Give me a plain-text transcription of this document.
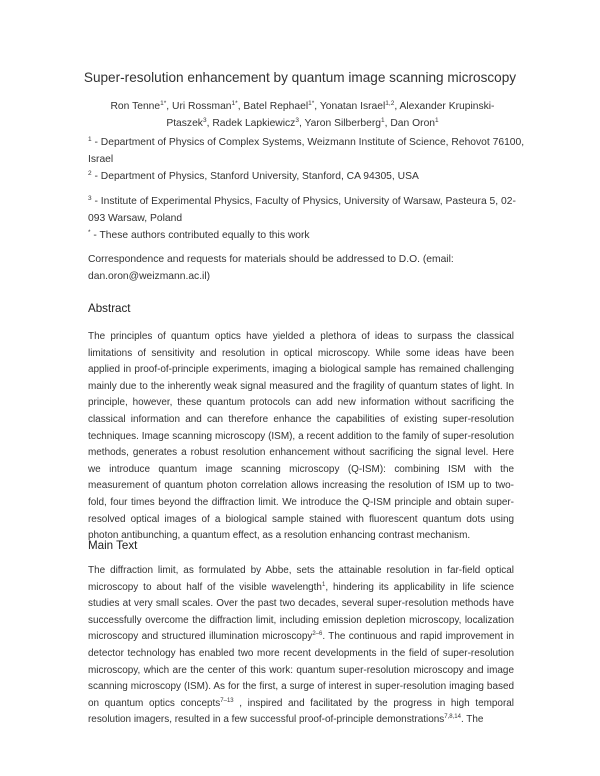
Super-resolution enhancement by quantum image scanning microscopy
Ron Tenne$^{1*}$, Uri Rossman$^{1*}$, Batel Rephael$^{1*}$, Yonatan Israel$^{1,2}$, Alexander Krupinski-Ptaszek$^3$, Radek Lapkiewicz$^3$, Yaron Silberberg$^1$, Dan Oron$^1$
$^1$ - Department of Physics of Complex Systems, Weizmann Institute of Science, Rehovot 76100, Israel
$^2$ - Department of Physics, Stanford University, Stanford, CA 94305, USA
$^3$ - Institute of Experimental Physics, Faculty of Physics, University of Warsaw, Pasteura 5, 02-093 Warsaw, Poland
* - These authors contributed equally to this work
Correspondence and requests for materials should be addressed to D.O. (email: dan.oron@weizmann.ac.il)
Abstract

The principles of quantum optics have yielded a plethora of ideas to surpass the classical limitations of sensitivity and resolution in optical microscopy. While some ideas have been applied in proof-of-principle experiments, imaging a biological sample has remained challenging mainly due to the inherently weak signal measured and the fragility of quantum states of light. In principle, however, these quantum protocols can add new information without sacrificing the classical information and can therefore enhance the capabilities of existing super-resolution techniques. Image scanning microscopy (ISM), a recent addition to the family of super-resolution methods, generates a robust resolution enhancement without sacrificing the signal level. Here we introduce quantum image scanning microscopy (Q-ISM): combining ISM with the measurement of quantum photon correlation allows increasing the resolution of ISM up to two-fold, four times beyond the diffraction limit. We introduce the Q-ISM principle and obtain super-resolved optical images of a biological sample stained with fluorescent quantum dots using photon antibunching, a quantum effect, as a resolution enhancing contrast mechanism.

Main Text

The diffraction limit, as formulated by Abbe, sets the attainable resolution in far-field optical microscopy to about half of the visible wavelength$^1$, hindering its applicability in life science studies at very small scales. Over the past two decades, several super-resolution methods have successfully overcome the diffraction limit, including emission depletion microscopy, localization microscopy and structured illumination microscopy$^{2-6}$. The continuous and rapid improvement in detector technology has enabled two more recent developments in the field of super-resolution microscopy, which are the center of this work: quantum super-resolution microscopy and image scanning microscopy (ISM). As for the first, a surge of interest in super-resolution imaging based on quantum optics concepts$^{7-13}$ , inspired and facilitated by the progress in high temporal resolution imagers, resulted in a few successful proof-of-principle demonstrations$^{7,8,14}$. The
